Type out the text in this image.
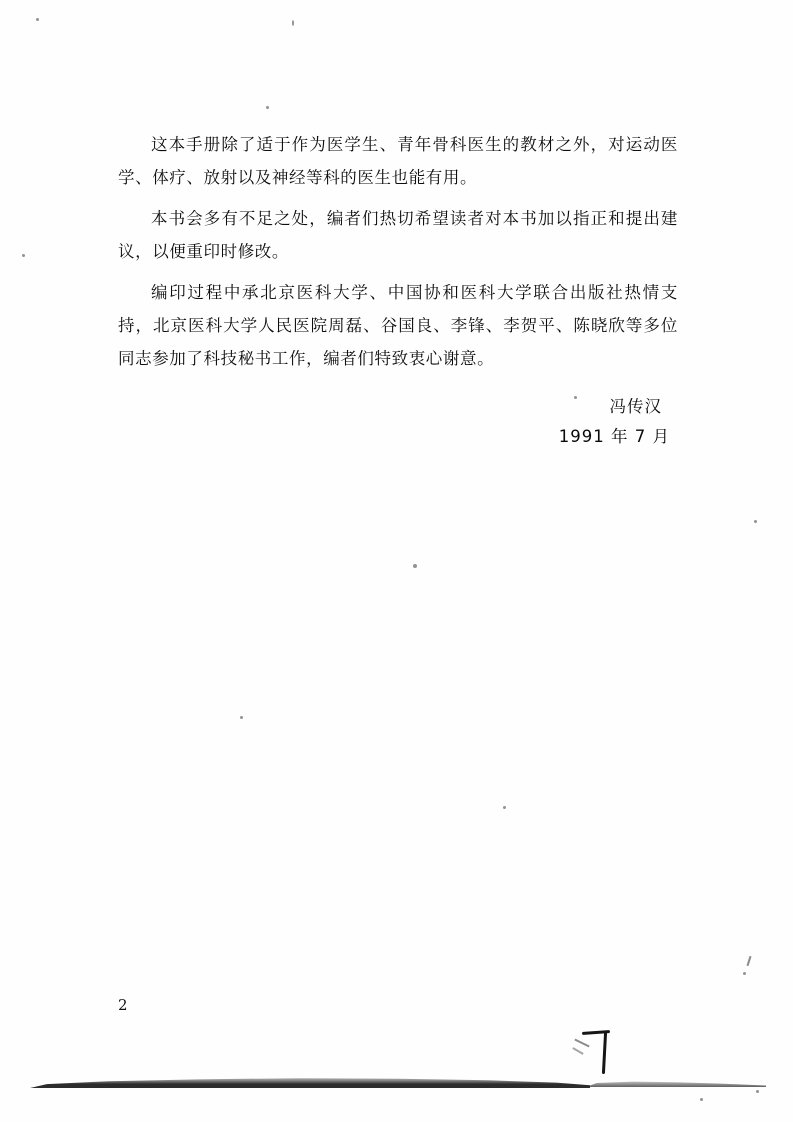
这本手册除了适于作为医学生、青年骨科医生的教材之外，对运动医学、体疗、放射以及神经等科的医生也能有用。

本书会多有不足之处，编者们热切希望读者对本书加以指正和提出建议，以便重印时修改。

编印过程中承北京医科大学、中国协和医科大学联合出版社热情支持，北京医科大学人民医院周磊、谷国良、李锋、李贺平、陈晓欣等多位同志参加了科技秘书工作，编者们特致衷心谢意。

冯传汉
1991 年 7 月
2
